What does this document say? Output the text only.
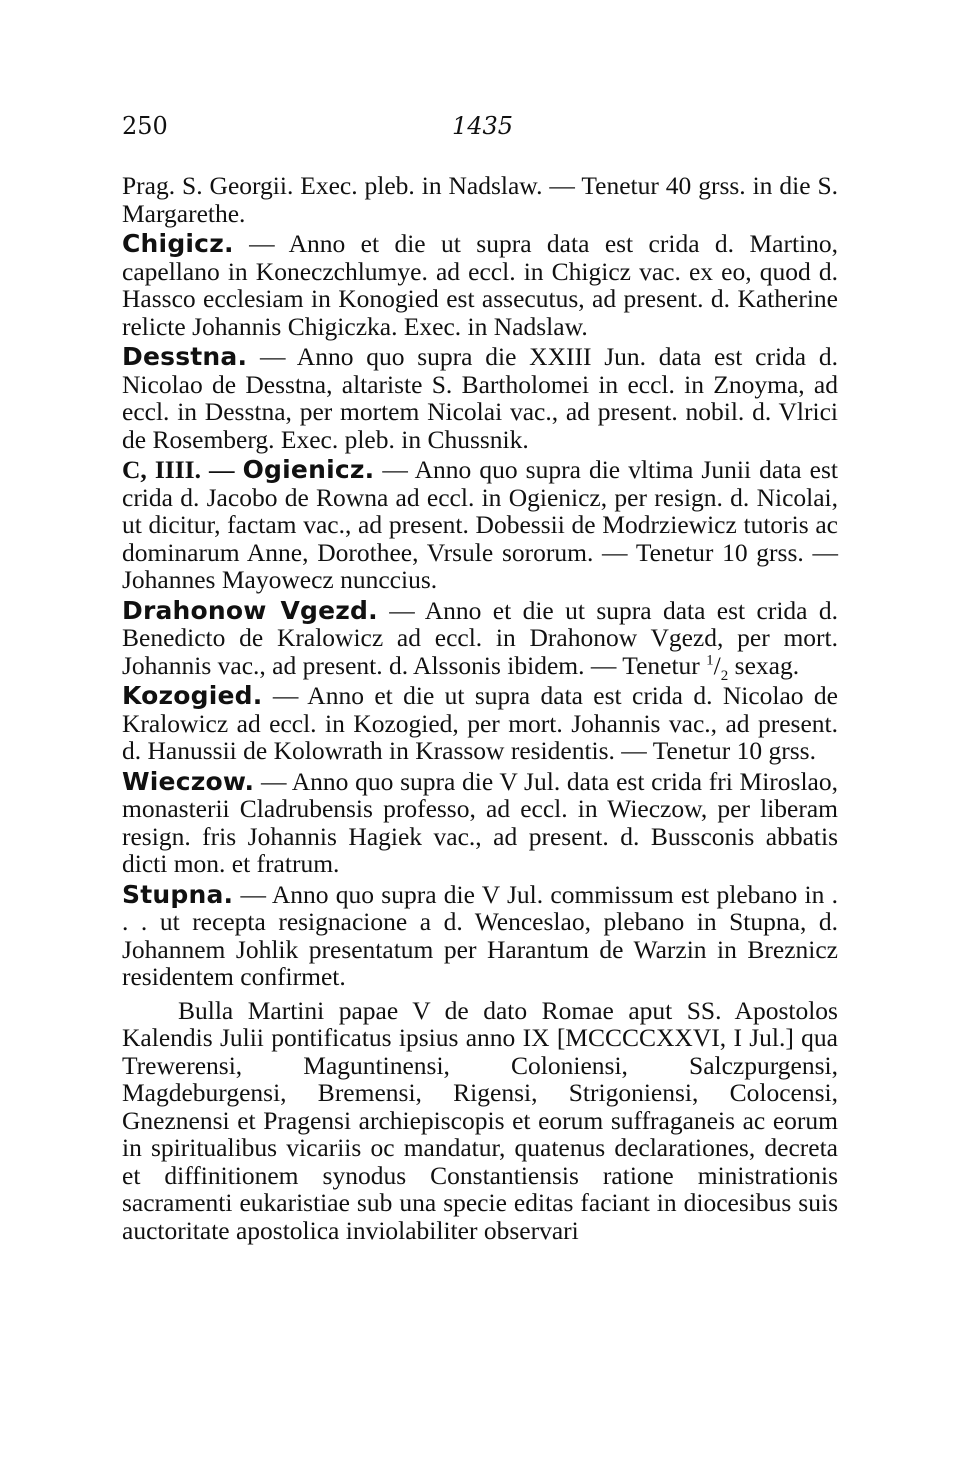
250	1435

Prag. S. Georgii. Exec. pleb. in Nadslaw. — Tenetur 40 grss. in die S. Margarethe.

Chigicz. — Anno et die ut supra data est crida d. Martino, capellano in Koneczchlumye. ad eccl. in Chigicz vac. ex eo, quod d. Hassco ecclesiam in Konogied est assecutus, ad present. d. Katherine relicte Johannis Chigiczka. Exec. in Nadslaw.

Desstna. — Anno quo supra die XXIII Jun. data est crida d. Nicolao de Desstna, altariste S. Bartholomei in eccl. in Znoyma, ad eccl. in Desstna, per mortem Nicolai vac., ad present. nobil. d. Vlrici de Rosemberg. Exec. pleb. in Chussnik.

C, IIII. — Ogienicz. — Anno quo supra die vltima Junii data est crida d. Jacobo de Rowna ad eccl. in Ogienicz, per resign. d. Nicolai, ut dicitur, factam vac., ad present. Dobessii de Modrziewicz tutoris ac dominarum Anne, Dorothee, Vrsule sororum. — Tenetur 10 grss. — Johannes Mayowecz nunccius.

Drahonow Vgezd. — Anno et die ut supra data est crida d. Benedicto de Kralowicz ad eccl. in Drahonow Vgezd, per mort. Johannis vac., ad present. d. Alssonis ibidem. — Tenetur $^1/_2$ sexag.

Kozogied. — Anno et die ut supra data est crida d. Nicolao de Kralowicz ad eccl. in Kozogied, per mort. Johannis vac., ad present. d. Hanussii de Kolowrath in Krassow residentis. — Tenetur 10 grss.

Wieczow. — Anno quo supra die V Jul. data est crida fri Miroslao, monasterii Cladrubensis professo, ad eccl. in Wieczow, per liberam resign. fris Johannis Hagiek vac., ad present. d. Bussconis abbatis dicti mon. et fratrum.

Stupna. — Anno quo supra die V Jul. commissum est plebano in . . . ut recepta resignacione a d. Wenceslao, plebano in Stupna, d. Johannem Johlik presentatum per Harantum de Warzin in Breznicz residentem confirmet.

Bulla Martini papae V de dato Romae aput SS. Apostolos Kalendis Julii pontificatus ipsius anno IX [MCCCCXXVI, I Jul.] qua Trewerensi, Maguntinensi, Coloniensi, Salczpurgensi, Magdeburgensi, Bremensi, Rigensi, Strigoniensi, Colocensi, Gneznensi et Pragensi archiepiscopis et eorum suffraganeis ac eorum in spiritualibus vicariis oc mandatur, quatenus declarationes, decreta et diffinitionem synodus Constantiensis ratione ministrationis sacramenti eukaristiae sub una specie editas faciant in diocesibus suis auctoritate apostolica inviolabiliter observari
